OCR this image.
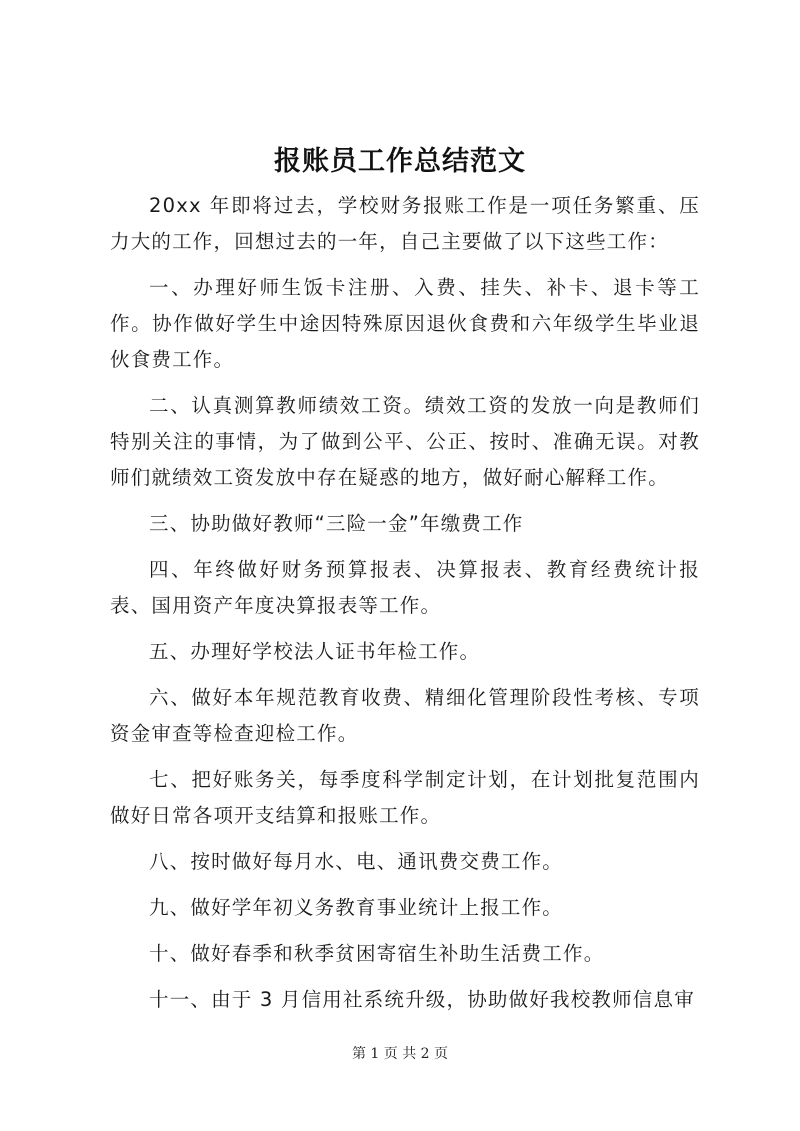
报账员工作总结范文

20xx 年即将过去，学校财务报账工作是一项任务繁重、压力大的工作，回想过去的一年，自己主要做了以下这些工作：

一、办理好师生饭卡注册、入费、挂失、补卡、退卡等工作。协作做好学生中途因特殊原因退伙食费和六年级学生毕业退伙食费工作。

二、认真测算教师绩效工资。绩效工资的发放一向是教师们特别关注的事情，为了做到公平、公正、按时、准确无误。对教师们就绩效工资发放中存在疑惑的地方，做好耐心解释工作。

三、协助做好教师“三险一金”年缴费工作

四、年终做好财务预算报表、决算报表、教育经费统计报表、国用资产年度决算报表等工作。

五、办理好学校法人证书年检工作。

六、做好本年规范教育收费、精细化管理阶段性考核、专项资金审查等检查迎检工作。

七、把好账务关，每季度科学制定计划，在计划批复范围内做好日常各项开支结算和报账工作。

八、按时做好每月水、电、通讯费交费工作。

九、做好学年初义务教育事业统计上报工作。

十、做好春季和秋季贫困寄宿生补助生活费工作。

十一、由于 3 月信用社系统升级，协助做好我校教师信息审

第 1 页 共 2 页
